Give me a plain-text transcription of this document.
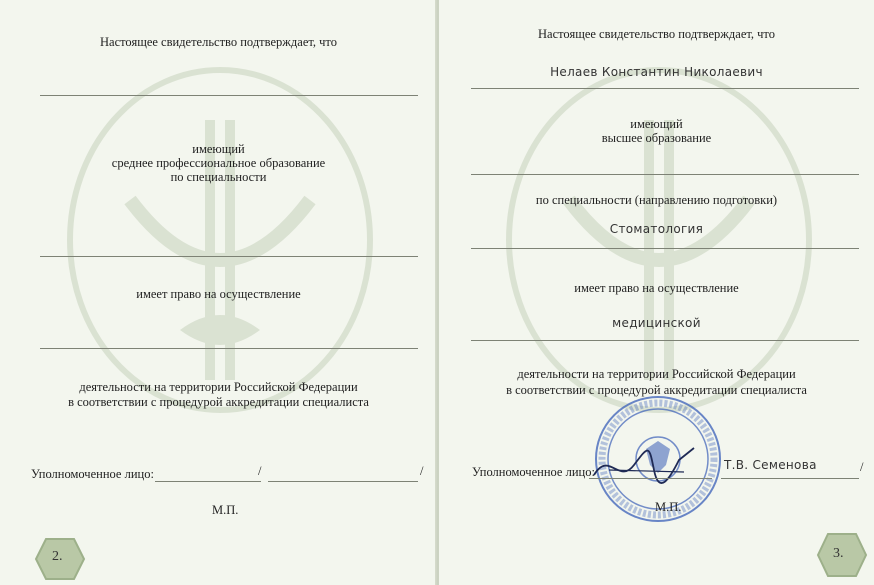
Настоящее свидетельство подтверждает, что
имеющий
среднее профессиональное образование
по специальности
имеет право на осуществление
деятельности на территории Российской Федерации
в соответствии с процедурой аккредитации специалиста
Уполномоченное лицо:	/	/
М.П.
2.
Настоящее свидетельство подтверждает, что
Нелаев Константин Николаевич
имеющий
высшее образование
по специальности (направлению подготовки)
Стоматология
имеет право на осуществление
медицинской
деятельности на территории Российской Федерации
в соответствии с процедурой аккредитации специалиста
Уполномоченное лицо:	Т.В. Семенова	/
М.П.
3.
